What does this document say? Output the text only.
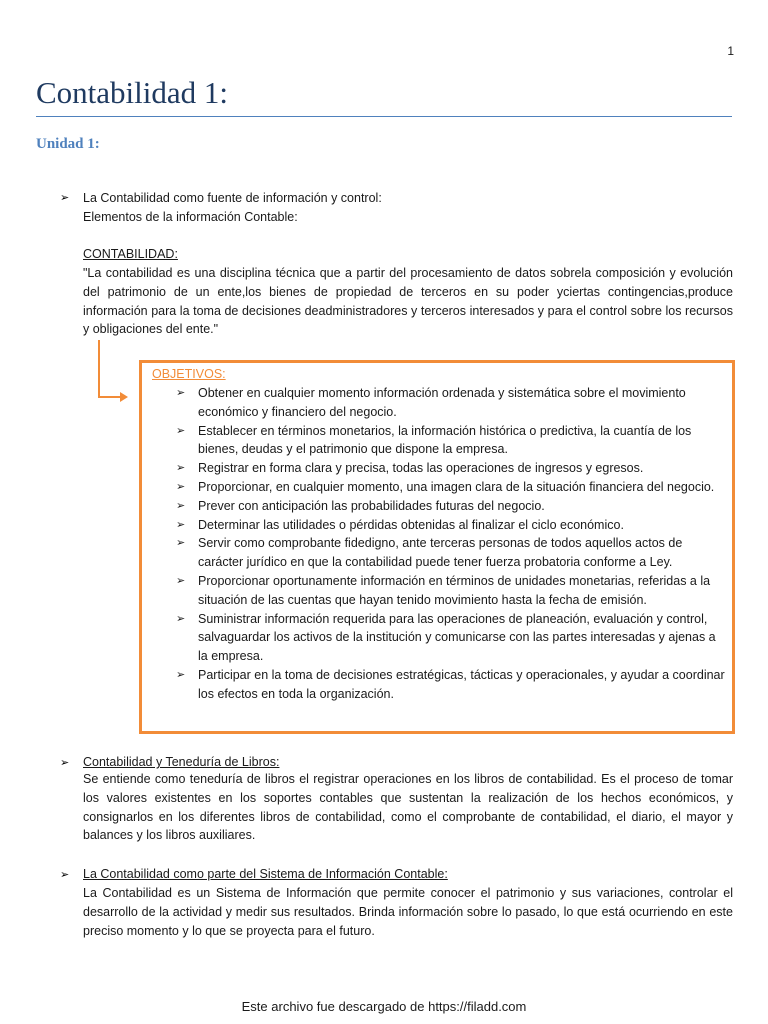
1
Contabilidad 1:
Unidad 1:
➢ La Contabilidad como fuente de información y control:
Elementos de la información Contable:
CONTABILIDAD:
"La contabilidad es una disciplina técnica que a partir del procesamiento de datos sobrela composición y evolución del patrimonio de un ente,los bienes de propiedad de terceros en su poder yciertas contingencias,produce información para la toma de decisiones deadministradores y terceros interesados y para el control sobre los recursos y obligaciones del ente."
OBJETIVOS:
➢ Obtener en cualquier momento información ordenada y sistemática sobre el movimiento económico y financiero del negocio.
➢ Establecer en términos monetarios, la información histórica o predictiva, la cuantía de los bienes, deudas y el patrimonio que dispone la empresa.
➢ Registrar en forma clara y precisa, todas las operaciones de ingresos y egresos.
➢ Proporcionar, en cualquier momento, una imagen clara de la situación financiera del negocio.
➢ Prever con anticipación las probabilidades futuras del negocio.
➢ Determinar las utilidades o pérdidas obtenidas al finalizar el ciclo económico.
➢ Servir como comprobante fidedigno, ante terceras personas de todos aquellos actos de carácter jurídico en que la contabilidad puede tener fuerza probatoria conforme a Ley.
➢ Proporcionar oportunamente información en términos de unidades monetarias, referidas a la situación de las cuentas que hayan tenido movimiento hasta la fecha de emisión.
➢ Suministrar información requerida para las operaciones de planeación, evaluación y control, salvaguardar los activos de la institución y comunicarse con las partes interesadas y ajenas a la empresa.
➢ Participar en la toma de decisiones estratégicas, tácticas y operacionales, y ayudar a coordinar los efectos en toda la organización.
➢ Contabilidad y Teneduría de Libros:
Se entiende como teneduría de libros el registrar operaciones en los libros de contabilidad. Es el proceso de tomar los valores existentes en los soportes contables que sustentan la realización de los hechos económicos, y consignarlos en los diferentes libros de contabilidad, como el comprobante de contabilidad, el diario, el mayor y balances y los libros auxiliares.
➢ La Contabilidad como parte del Sistema de Información Contable:
La Contabilidad es un Sistema de Información que permite conocer el patrimonio y sus variaciones, controlar el desarrollo de la actividad y medir sus resultados. Brinda información sobre lo pasado, lo que está ocurriendo en este preciso momento y lo que se proyecta para el futuro.
Este archivo fue descargado de https://filadd.com
